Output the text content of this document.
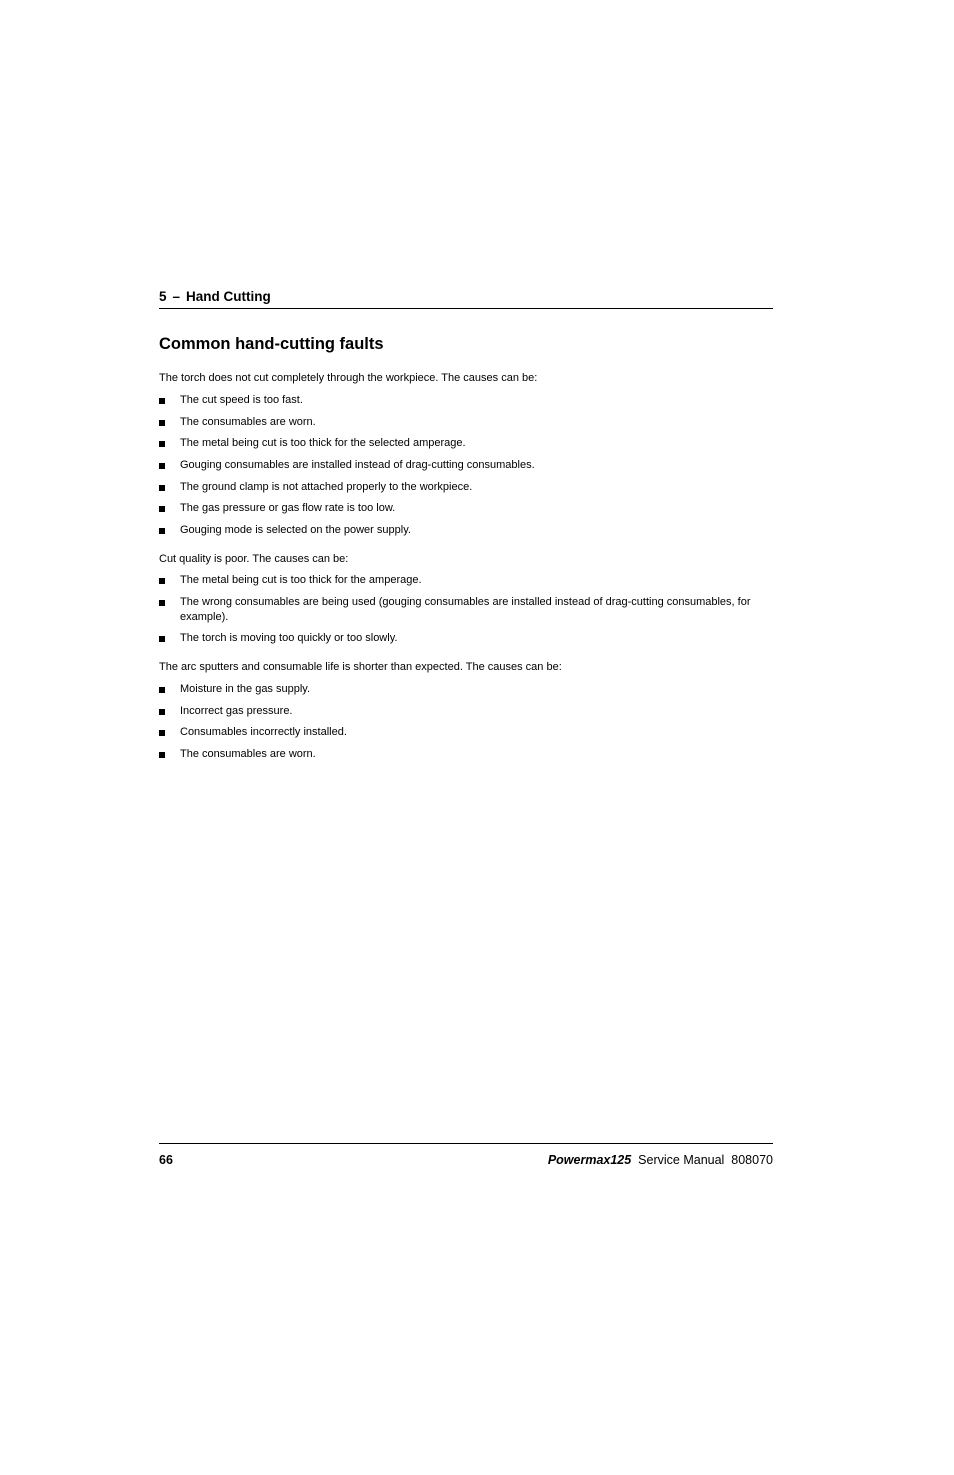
5 – Hand Cutting
Common hand-cutting faults

The torch does not cut completely through the workpiece. The causes can be:

The cut speed is too fast.
The consumables are worn.
The metal being cut is too thick for the selected amperage.
Gouging consumables are installed instead of drag-cutting consumables.
The ground clamp is not attached properly to the workpiece.
The gas pressure or gas flow rate is too low.
Gouging mode is selected on the power supply.

Cut quality is poor. The causes can be:

The metal being cut is too thick for the amperage.
The wrong consumables are being used (gouging consumables are installed instead of drag-cutting consumables, for example).
The torch is moving too quickly or too slowly.

The arc sputters and consumable life is shorter than expected. The causes can be:

Moisture in the gas supply.
Incorrect gas pressure.
Consumables incorrectly installed.
The consumables are worn.
66	Powermax125 Service Manual 808070
